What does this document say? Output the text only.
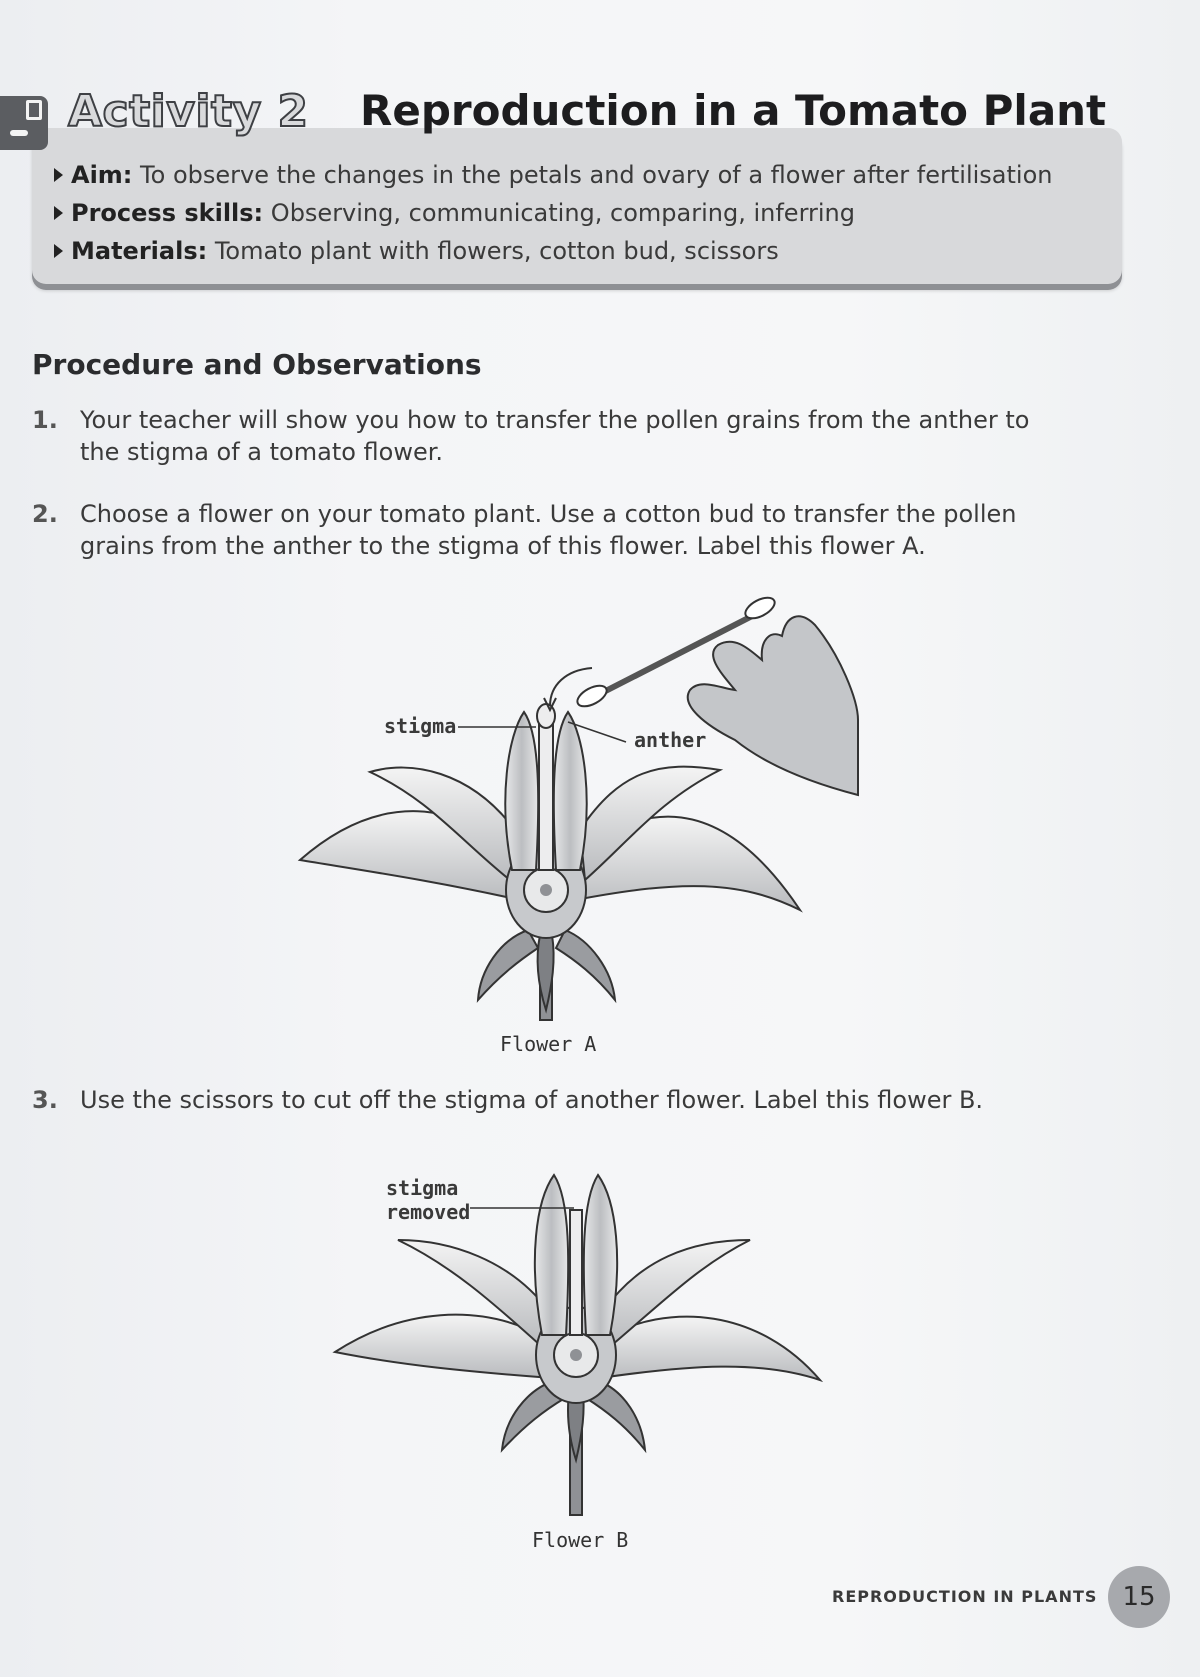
Activity 2 Reproduction in a Tomato Plant
Aim: To observe the changes in the petals and ovary of a flower after fertilisation
Process skills: Observing, communicating, comparing, inferring
Materials: Tomato plant with flowers, cotton bud, scissors
Procedure and Observations
1. Your teacher will show you how to transfer the pollen grains from the anther to the stigma of a tomato flower.
2. Choose a flower on your tomato plant. Use a cotton bud to transfer the pollen grains from the anther to the stigma of this flower. Label this flower A.
3. Use the scissors to cut off the stigma of another flower. Label this flower B.
stigma
anther
Flower A
stigma
removed
Flower B
REPRODUCTION IN PLANTS 15
